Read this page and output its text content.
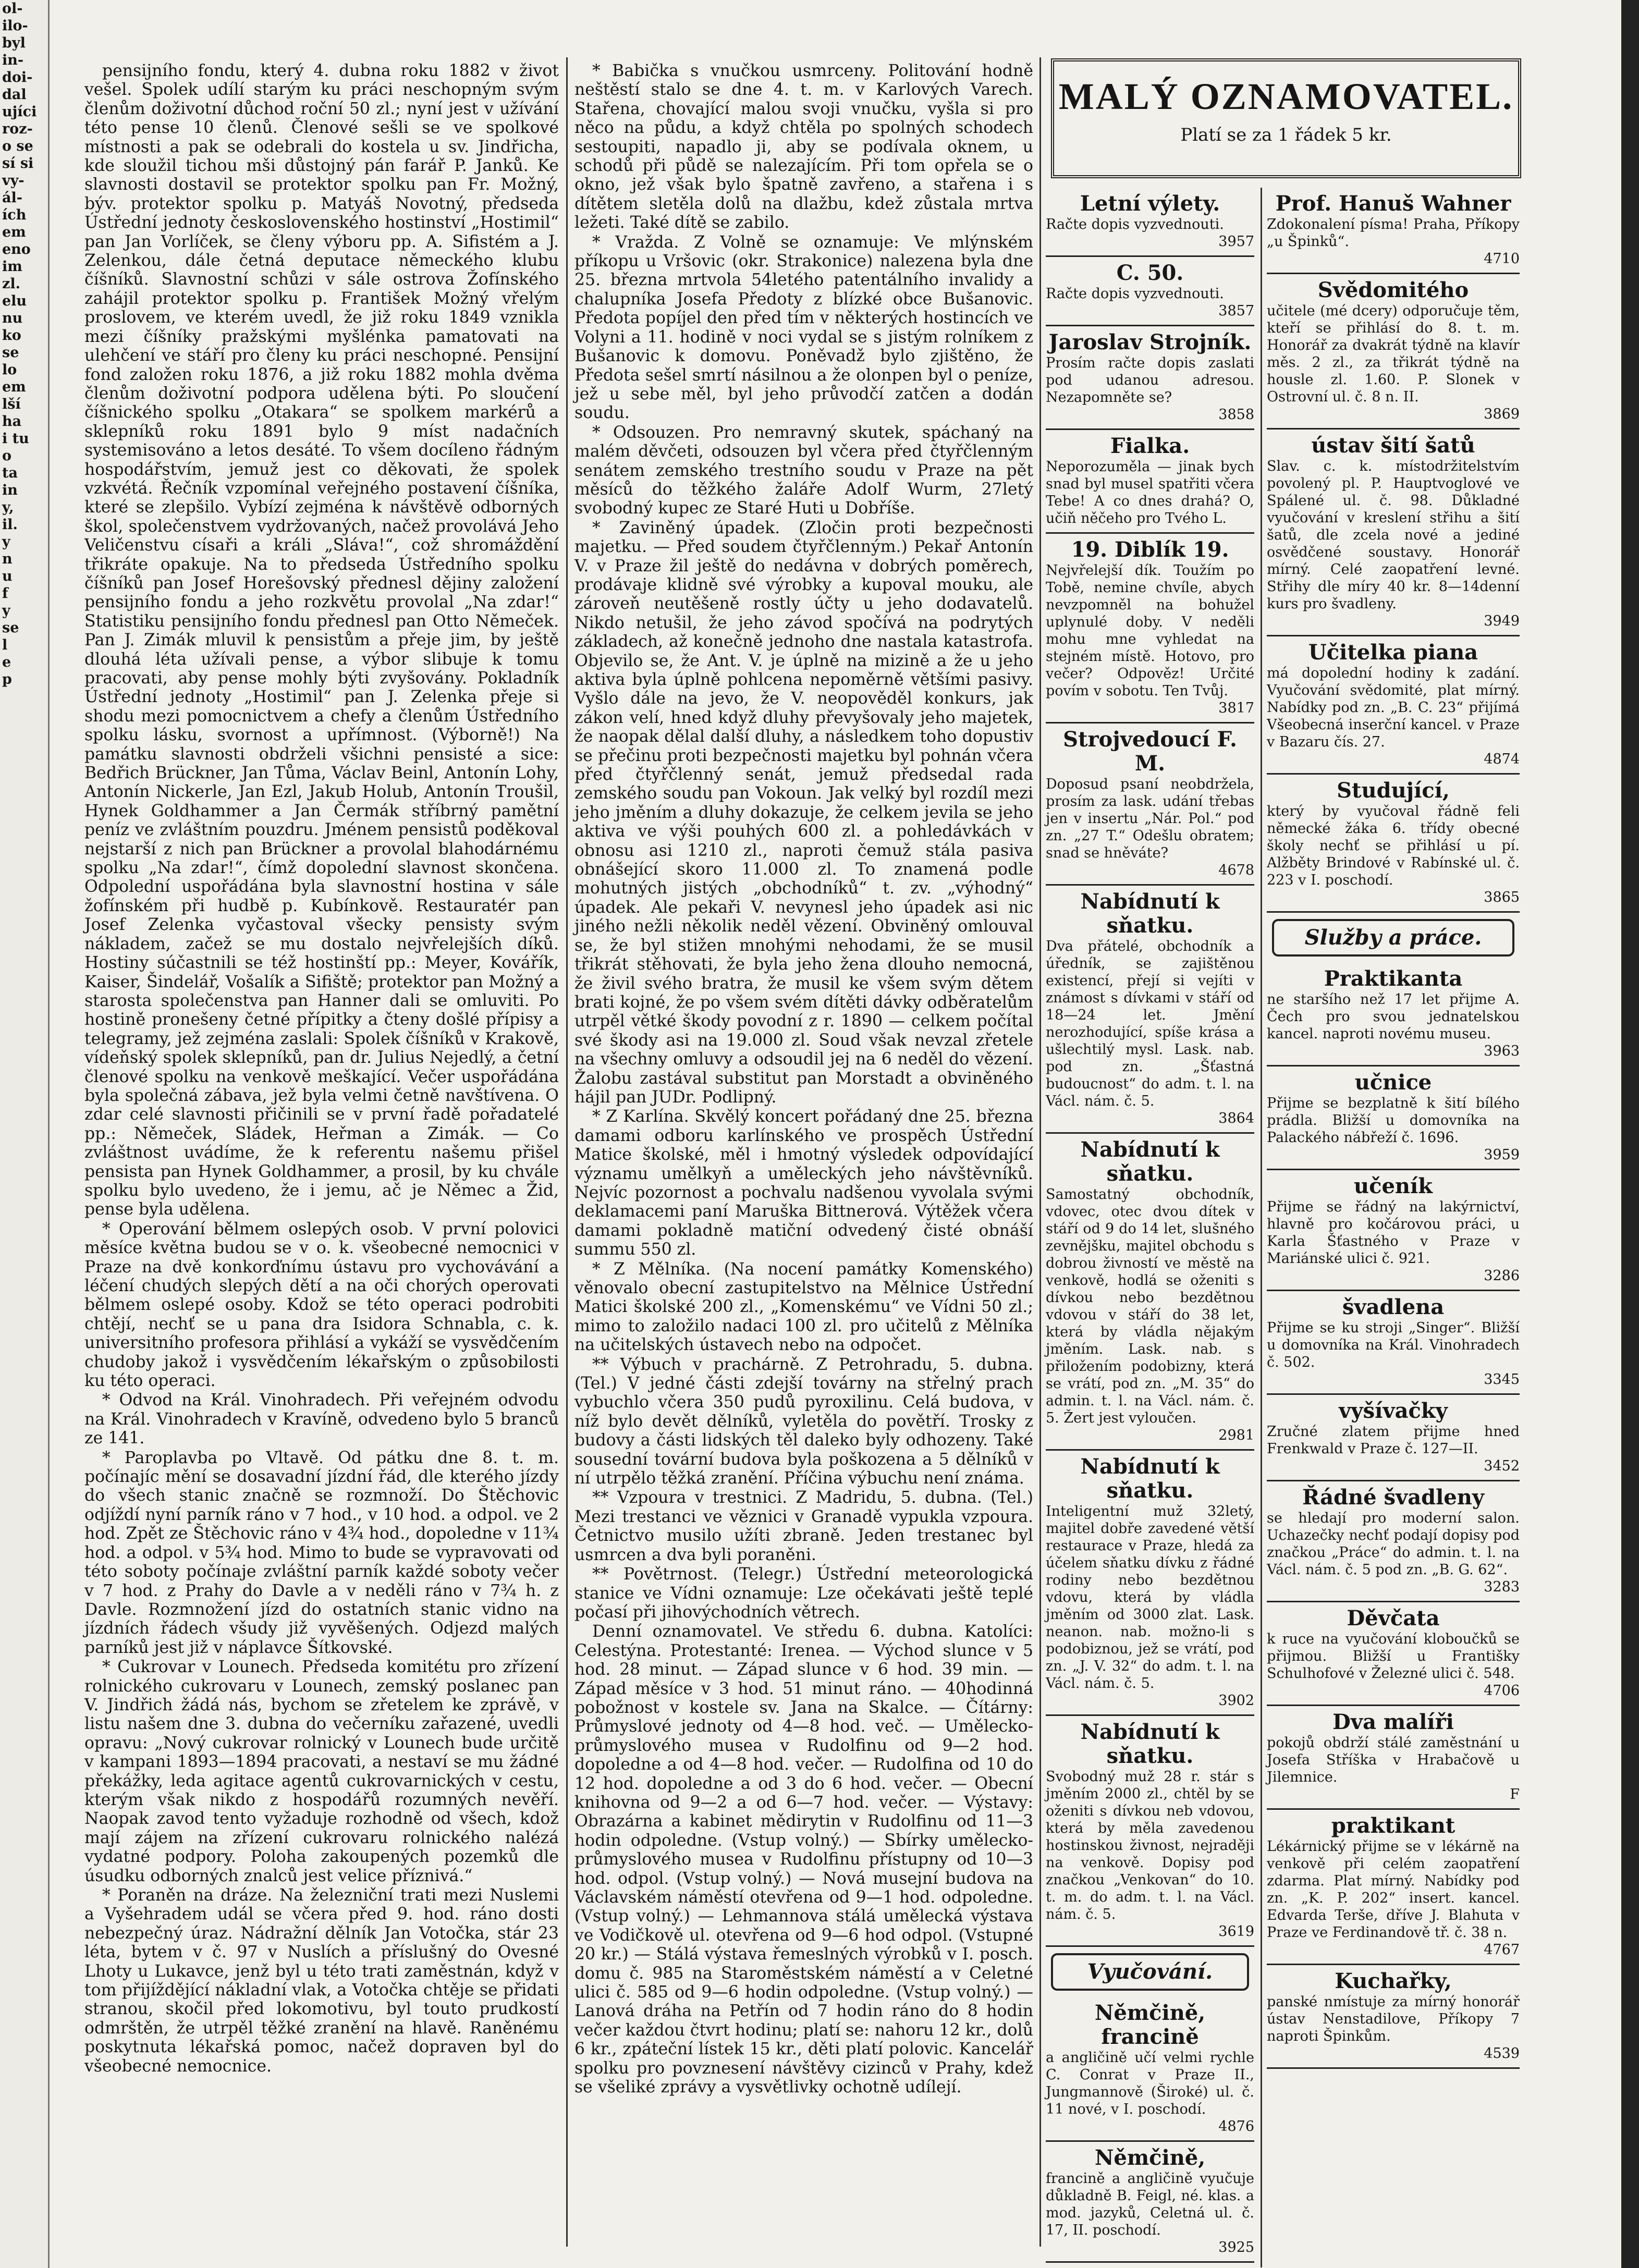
ol-

ilo-

byl

in-

doi-

dal

ujíci

roz-

o se

sí si

vy-

ál-

ích

em

eno

im

zl.

elu

nu

ko

se

lo

em

lší

ha

i tu

o

ta

in

y,

il.

y

n

u

f

y

se

l

e

p

pensijního fondu, který 4. dubna roku 1882 v život vešel. Spolek udílí starým ku práci neschopným svým členům doživotní důchod roční 50 zl.; nyní jest v užívání této pense 10 členů. Členové sešli se ve spolkové místnosti a pak se odebrali do kostela u sv. Jindřicha, kde sloužil tichou mši důstojný pán farář P. Janků. Ke slavnosti dostavil se protektor spolku pan Fr. Možný, býv. protektor spolku p. Matyáš Novotný, předseda Ústřední jednoty československého hostinství „Hostimil“ pan Jan Vorlíček, se členy výboru pp. A. Sifistém a J. Zelenkou, dále četná deputace německého klubu číšníků. Slavnostní schůzi v sále ostrova Žofínského zahájil protektor spolku p. František Možný vřelým proslovem, ve kterém uvedl, že již roku 1849 vznikla mezi číšníky pražskými myšlénka pamatovati na ulehčení ve stáří pro členy ku práci neschopné. Pensijní fond založen roku 1876, a již roku 1882 mohla dvěma členům doživotní podpora udělena býti. Po sloučení číšnického spolku „Otakara“ se spolkem markérů a sklepníků roku 1891 bylo 9 míst nadačních systemisováno a letos desáté. To všem docíleno řádným hospodářstvím, jemuž jest co děkovati, že spolek vzkvétá. Řečník vzpomínal veřejného postavení číšníka, které se zlepšilo. Vybízí zejména k návštěvě odborných škol, společenstvem vydržovaných, načež provolává Jeho Veličenstvu císaři a králi „Sláva!“, což shromáždění třikráte opakuje. Na to předseda Ústředního spolku číšníků pan Josef Horešovský přednesl dějiny založení pensijního fondu a jeho rozkvětu provolal „Na zdar!“ Statistiku pensijního fondu přednesl pan Otto Němeček. Pan J. Zimák mluvil k pensistům a přeje jim, by ještě dlouhá léta užívali pense, a výbor slibuje k tomu pracovati, aby pense mohly býti zvyšovány. Pokladník Ústřední jednoty „Hostimil“ pan J. Zelenka přeje si shodu mezi pomocnictvem a chefy a členům Ústředního spolku lásku, svornost a upřímnost. (Výborně!) Na památku slavnosti obdrželi všichni pensisté a sice: Bedřich Brückner, Jan Tůma, Václav Beinl, Antonín Lohy, Antonín Nickerle, Jan Ezl, Jakub Holub, Antonín Troušil, Hynek Goldhammer a Jan Čermák stříbrný pamětní peníz ve zvláštním pouzdru. Jménem pensistů poděkoval nejstarší z nich pan Brückner a provolal blahodárnému spolku „Na zdar!“, čímž dopolední slavnost skončena. Odpolední uspořádána byla slavnostní hostina v sále žofínském při hudbě p. Kubínkově. Restauratér pan Josef Zelenka vyčastoval všecky pensisty svým nákladem, začež se mu dostalo nejvřelejších díků. Hostiny súčastnili se též hostinští pp.: Meyer, Kovářík, Kaiser, Šindelář, Vošalík a Sifiště; protektor pan Možný a starosta společenstva pan Hanner dali se omluviti. Po hostině pronešeny četné přípitky a čteny došlé přípisy a telegramy, jež zejména zaslali: Spolek číšníků v Krakově, vídeňský spolek sklepníků, pan dr. Julius Nejedlý, a četní členové spolku na venkově meškající. Večer uspořádána byla společná zábava, jež byla velmi četně navštívena. O zdar celé slavnosti přičinili se v první řadě pořadatelé pp.: Němeček, Sládek, Heřman a Zimák. — Co zvláštnost uvádíme, že k referentu našemu přišel pensista pan Hynek Goldhammer, a prosil, by ku chvále spolku bylo uvedeno, že i jemu, ač je Němec a Žid, pense byla udělena.

* Operování bělmem oslepých osob. V první polovici měsíce května budou se v o. k. všeobecné nemocnici v Praze na dvě konkorďnímu ústavu pro vychovávání a léčení chudých slepých dětí a na oči chorých operovati bělmem oslepé osoby. Kdož se této operaci podrobiti chtějí, nechť se u pana dra Isidora Schnabla, c. k. universitního profesora přihlásí a vykáží se vysvědčením chudoby jakož i vysvědčením lékařským o způsobilosti ku této operaci.

* Odvod na Král. Vinohradech. Při veřejném odvodu na Král. Vinohradech v Kravíně, odvedeno bylo 5 branců ze 141.

* Paroplavba po Vltavě. Od pátku dne 8. t. m. počínajíc mění se dosavadní jízdní řád, dle kterého jízdy do všech stanic značně se rozmnoží. Do Štěchovic odjíždí nyní parník ráno v 7 hod., v 10 hod. a odpol. ve 2 hod. Zpět ze Štěchovic ráno v 4¾ hod., dopoledne v 11¾ hod. a odpol. v 5¾ hod. Mimo to bude se vypravovati od této soboty počínaje zvláštní parník každé soboty večer v 7 hod. z Prahy do Davle a v neděli ráno v 7¾ h. z Davle. Rozmnožení jízd do ostatních stanic vidno na jízdních řádech všudy již vyvěšených. Odjezd malých parníků jest již v náplavce Šítkovské.

* Cukrovar v Lounech. Předseda komitétu pro zřízení rolnického cukrovaru v Lounech, zemský poslanec pan V. Jindřich žádá nás, bychom se zřetelem ke zprávě, v listu našem dne 3. dubna do večerníku zařazené, uvedli opravu: „Nový cukrovar rolnický v Lounech bude určitě v kampani 1893—1894 pracovati, a nestaví se mu žádné překážky, leda agitace agentů cukrovarnických v cestu, kterým však nikdo z hospodářů rozumných nevěří. Naopak zavod tento vyžaduje rozhodně od všech, kdož mají zájem na zřízení cukrovaru rolnického nalézá vydatné podpory. Poloha zakoupených pozemků dle úsudku odborných znalců jest velice příznivá.“

* Poraněn na dráze. Na železniční trati mezi Nuslemi a Vyšehradem udál se včera před 9. hod. ráno dosti nebezpečný úraz. Nádražní dělník Jan Votočka, stár 23 léta, bytem v č. 97 v Nuslích a příslušný do Ovesné Lhoty u Lukavce, jenž byl u této trati zaměstnán, když v tom přijíždějící nákladní vlak, a Votočka chtěje se přidati stranou, skočil před lokomotivu, byl touto prudkostí odmrštěn, že utrpěl těžké zranění na hlavě. Raněnému poskytnuta lékařská pomoc, načež dopraven byl do všeobecné nemocnice.

* Babička s vnučkou usmrceny. Politování hodně neštěstí stalo se dne 4. t. m. v Karlových Varech. Stařena, chovající malou svoji vnučku, vyšla si pro něco na půdu, a když chtěla po spolných schodech sestoupiti, napadlo ji, aby se podívala oknem, u schodů při půdě se nalezajícím. Při tom opřela se o okno, jež však bylo špatně zavřeno, a stařena i s dítětem sletěla dolů na dlažbu, kdež zůstala mrtva ležeti. Také dítě se zabilo.

* Vražda. Z Volně se oznamuje: Ve mlýnském příkopu u Vršovic (okr. Strakonice) nalezena byla dne 25. března mrtvola 54letého patentálního invalidy a chalupníka Josefa Předoty z blízké obce Bušanovic. Předota popíjel den před tím v některých hostincích ve Volyni a 11. hodině v noci vydal se s jistým rolníkem z Bušanovic k domovu. Poněvadž bylo zjištěno, že Předota sešel smrtí násilnou a že olonpen byl o peníze, jež u sebe měl, byl jeho průvodčí zatčen a dodán soudu.

* Odsouzen. Pro nemravný skutek, spáchaný na malém děvčeti, odsouzen byl včera před čtyřčlenným senátem zemského trestního soudu v Praze na pět měsíců do těžkého žaláře Adolf Wurm, 27letý svobodný kupec ze Staré Huti u Dobříše.

* Zaviněný úpadek. (Zločin proti bezpečnosti majetku. — Před soudem čtyřčlenným.) Pekař Antonín V. v Praze žil ještě do nedávna v dobrých poměrech, prodávaje klidně své výrobky a kupoval mouku, ale zároveň neutěšeně rostly účty u jeho dodavatelů. Nikdo netušil, že jeho závod spočívá na podrytých základech, až konečně jednoho dne nastala katastrofa. Objevilo se, že Ant. V. je úplně na mizině a že u jeho aktiva byla úplně pohlcena nepoměrně většími pasivy. Vyšlo dále na jevo, že V. neopověděl konkurs, jak zákon velí, hned když dluhy převyšovaly jeho majetek, že naopak dělal další dluhy, a následkem toho dopustiv se přečinu proti bezpečnosti majetku byl pohnán včera před čtyřčlenný senát, jemuž předsedal rada zemského soudu pan Vokoun. Jak velký byl rozdíl mezi jeho jměním a dluhy dokazuje, že celkem jevila se jeho aktiva ve výši pouhých 600 zl. a pohledávkách v obnosu asi 1210 zl., naproti čemuž stála pasiva obnášející skoro 11.000 zl. To znamená podle mohutných jistých „obchodníků“ t. zv. „výhodný“ úpadek. Ale pekaři V. nevynesl jeho úpadek asi nic jiného nežli několik neděl vězení. Obviněný omlouval se, že byl stižen mnohými nehodami, že se musil třikrát stěhovati, že byla jeho žena dlouho nemocná, že živil svého bratra, že musil ke všem svým dětem brati kojné, že po všem svém dítěti dávky odběratelům utrpěl větké škody povodní z r. 1890 — celkem počítal své škody asi na 19.000 zl. Soud však nevzal zřetele na všechny omluvy a odsoudil jej na 6 neděl do vězení. Žalobu zastával substitut pan Morstadt a obviněného hájil pan JUDr. Podlipný.

* Z Karlína. Skvělý koncert pořádaný dne 25. března damami odboru karlínského ve prospěch Ústřední Matice školské, měl i hmotný výsledek odpovídající významu umělkyň a uměleckých jeho návštěvníků. Nejvíc pozornost a pochvalu nadšenou vyvolala svými deklamacemi paní Maruška Bittnerová. Výtěžek včera damami pokladně matiční odvedený čisté obnáší summu 550 zl.

* Z Mělníka. (Na nocení památky Komenského) věnovalo obecní zastupitelstvo na Mělnice Ústřední Matici školské 200 zl., „Komenskému“ ve Vídni 50 zl.; mimo to založilo nadaci 100 zl. pro učitelů z Mělníka na učitelských ústavech nebo na odpočet.

** Výbuch v prachárně. Z Petrohradu, 5. dubna. (Tel.) V jedné části zdejší továrny na střelný prach vybuchlo včera 350 pudů pyroxilinu. Celá budova, v níž bylo devět dělníků, vyletěla do povětří. Trosky z budovy a části lidských těl daleko byly odhozeny. Také sousední tovární budova byla poškozena a 5 dělníků v ní utrpělo těžká zranění. Příčina výbuchu není známa.

** Vzpoura v trestnici. Z Madridu, 5. dubna. (Tel.) Mezi trestanci ve věznici v Granadě vypukla vzpoura. Četnictvo musilo užíti zbraně. Jeden trestanec byl usmrcen a dva byli poraněni.

** Povětrnost. (Telegr.) Ústřední meteorologická stanice ve Vídni oznamuje: Lze očekávati ještě teplé počasí při jihovýchodních větrech.

Denní oznamovatel. Ve středu 6. dubna. Katolíci: Celestýna. Protestanté: Irenea. — Východ slunce v 5 hod. 28 minut. — Západ slunce v 6 hod. 39 min. — Západ měsíce v 3 hod. 51 minut ráno. — 40hodinná pobožnost v kostele sv. Jana na Skalce. — Čítárny: Průmyslové jednoty od 4—8 hod. več. — Umělecko-průmyslového musea v Rudolfinu od 9—2 hod. dopoledne a od 4—8 hod. večer. — Rudolfina od 10 do 12 hod. dopoledne a od 3 do 6 hod. večer. — Obecní knihovna od 9—2 a od 6—7 hod. večer. — Výstavy: Obrazárna a kabinet mědirytin v Rudolfinu od 11—3 hodin odpoledne. (Vstup volný.) — Sbírky umělecko-průmyslového musea v Rudolfinu přístupny od 10—3 hod. odpol. (Vstup volný.) — Nová musejní budova na Václavském náměstí otevřena od 9—1 hod. odpoledne. (Vstup volný.) — Lehmannova stálá umělecká výstava ve Vodičkově ul. otevřena od 9—6 hod odpol. (Vstupné 20 kr.) — Stálá výstava řemeslných výrobků v I. posch. domu č. 985 na Staroměstském náměstí a v Celetné ulici č. 585 od 9—6 hodin odpoledne. (Vstup volný.) — Lanová dráha na Petřín od 7 hodin ráno do 8 hodin večer každou čtvrt hodinu; platí se: nahoru 12 kr., dolů 6 kr., zpáteční lístek 15 kr., děti platí polovic. Kancelář spolku pro povznesení návštěvy cizinců v Prahy, kdež se všeliké zprávy a vysvětlivky ochotně udílejí.

MALÝ OZNAMOVATEL.
Platí se za 1 řádek 5 kr.
Letní výlety.
Račte dopis vyzvednouti.
3957
C. 50.
Račte dopis vyzvednouti.
3857
Jaroslav Strojník.
Prosím račte dopis zaslati pod udanou adresou. Nezapomněte se?
3858
Fialka.
Neporozuměla — jinak bych snad byl musel spatřiti včera Tebe! A co dnes drahá? O, učiň něčeho pro Tvého L.
19. Diblík 19.
Nejvřelejší dík. Toužím po Tobě, nemine chvíle, abych nevzpomněl na bohužel uplynulé doby. V neděli mohu mne vyhledat na stejném místě. Hotovo, pro večer? Odpověz! Určité povím v sobotu. Ten Tvůj.
3817
Strojvedoucí F. M.
Doposud psaní neobdržela, prosím za lask. udání třebas jen v insertu „Nár. Pol.“ pod zn. „27 T.“ Odešlu obratem; snad se hněváte?
4678
Nabídnutí k sňatku.
Dva přátelé, obchodník a úředník, se zajištěnou existencí, přejí si vejíti v známost s dívkami v stáří od 18—24 let. Jmění nerozhodující, spíše krása a ušlechtilý mysl. Lask. nab. pod zn. „Šťastná budoucnost“ do adm. t. l. na Václ. nám. č. 5.
3864
Nabídnutí k sňatku.
Samostatný obchodník, vdovec, otec dvou dítek v stáří od 9 do 14 let, slušného zevnějšku, majitel obchodu s dobrou živností ve městě na venkově, hodlá se oženiti s dívkou nebo bezdětnou vdovou v stáří do 38 let, která by vládla nějakým jměním. Lask. nab. s přiložením podobizny, která se vrátí, pod zn. „M. 35“ do admin. t. l. na Václ. nám. č. 5. Žert jest vyloučen.
2981
Nabídnutí k sňatku.
Inteligentní muž 32letý, majitel dobře zavedené větší restaurace v Praze, hledá za účelem sňatku dívku z řádné rodiny nebo bezdětnou vdovu, která by vládla jměním od 3000 zlat. Lask. neanon. nab. možno-li s podobiznou, jež se vrátí, pod zn. „J. V. 32“ do adm. t. l. na Václ. nám. č. 5.
3902
Nabídnutí k sňatku.
Svobodný muž 28 r. stár s jměním 2000 zl., chtěl by se oženiti s dívkou neb vdovou, která by měla zavedenou hostinskou živnost, nejraději na venkově. Dopisy pod značkou „Venkovan“ do 10. t. m. do adm. t. l. na Václ. nám. č. 5.
3619
Vyučování.
Němčině, francině
a angličině učí velmi rychle C. Conrat v Praze II., Jungmannově (Široké) ul. č. 11 nové, v I. poschodí.
4876
Němčině,
francině a angličině vyučuje důkladně B. Feigl, né. klas. a mod. jazyků, Celetná ul. č. 17, II. poschodí.
3925
Prof. Hanuš Wahner
Zdokonalení písma! Praha, Příkopy „u Špinků“.
4710
Svědomitého
učitele (mé dcery) odporučuje těm, kteří se přihlásí do 8. t. m. Honorář za dvakrát týdně na klavír měs. 2 zl., za třikrát týdně na housle zl. 1.60. P. Slonek v Ostrovní ul. č. 8 n. II.
3869
ústav šití šatů
Slav. c. k. místodržitelstvím povolený pl. P. Hauptvoglové ve Spálené ul. č. 98. Důkladné vyučování v kreslení střihu a šití šatů, dle zcela nové a jediné osvědčené soustavy. Honorář mírný. Celé zaopatření levné. Střihy dle míry 40 kr. 8—14denní kurs pro švadleny.
3949
Učitelka piana
má dopolední hodiny k zadání. Vyučování svědomité, plat mírný. Nabídky pod zn. „B. C. 23“ přijímá Všeobecná inserční kancel. v Praze v Bazaru čís. 27.
4874
Studující,
který by vyučoval řádně feli německé žáka 6. třídy obecné školy nechť se přihlásí u pí. Alžběty Brindové v Rabínské ul. č. 223 v I. poschodí.
3865
Služby a práce.
Praktikanta
ne staršího než 17 let přijme A. Čech pro svou jednatelskou kancel. naproti novému museu.
3963
učnice
Přijme se bezplatně k šití bílého prádla. Bližší u domovníka na Palackého nábřeží č. 1696.
3959
učeník
Přijme se řádný na lakýrnictví, hlavně pro kočárovou práci, u Karla Šťastného v Praze v Mariánské ulici č. 921.
3286
švadlena
Přijme se ku stroji „Singer“. Bližší u domovníka na Král. Vinohradech č. 502.
3345
vyšívačky
Zručné zlatem přijme hned Frenkwald v Praze č. 127—II.
3452
Řádné švadleny
se hledají pro moderní salon. Uchazečky nechť podají dopisy pod značkou „Práce“ do admin. t. l. na Václ. nám. č. 5 pod zn. „B. G. 62“.
3283
Děvčata
k ruce na vyučování kloboučků se přijmou. Bližší u Františky Schulhofové v Železné ulici č. 548.
4706
Dva malíři
pokojů obdrží stálé zaměstnání u Josefa Stříška v Hrabačově u Jilemnice.
F
praktikant
Lékárnický přijme se v lékárně na venkově při celém zaopatření zdarma. Plat mírný. Nabídky pod zn. „K. P. 202“ insert. kancel. Edvarda Terše, dříve J. Blahuta v Praze ve Ferdinandově tř. č. 38 n.
4767
Kuchařky,
panské nmístuje za mírný honorář ústav Nenstadilove, Příkopy 7 naproti Špinkům.
4539
